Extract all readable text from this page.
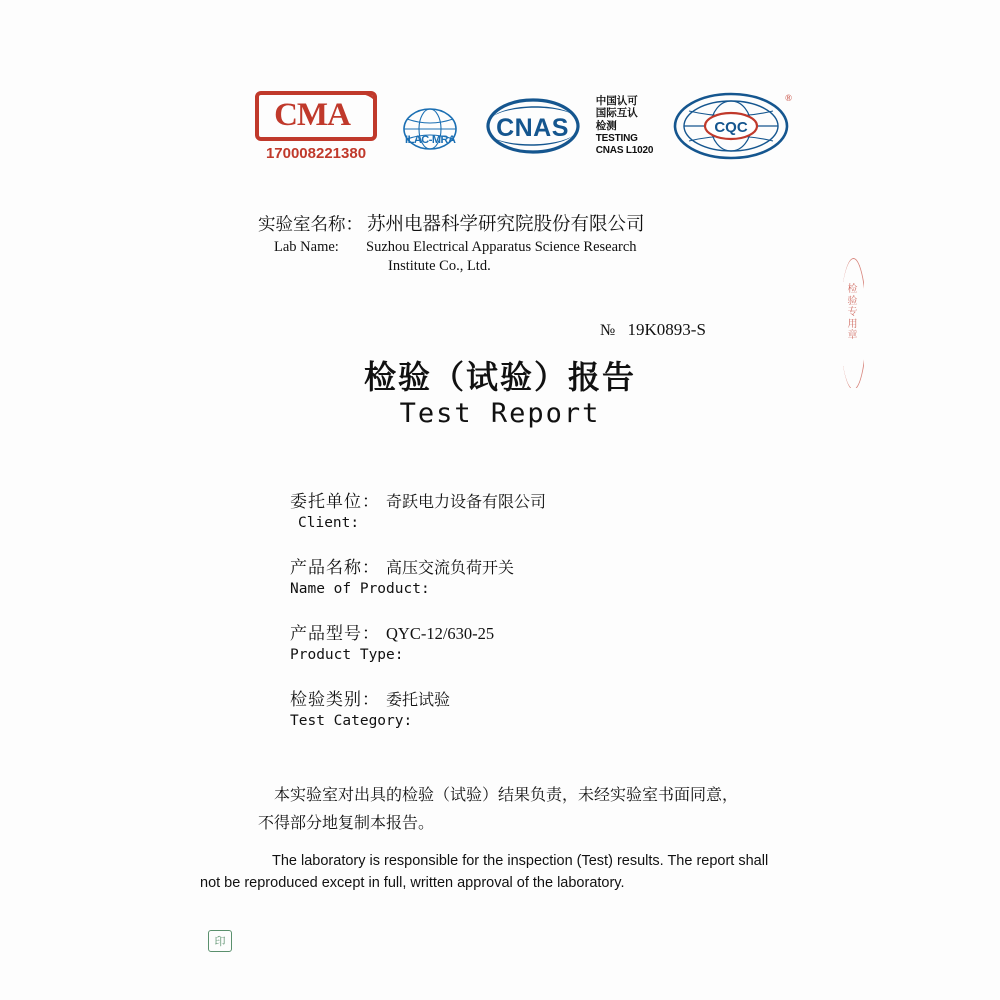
CMA
170008221380
ILAC-MRA	CNAS
中国认可
国际互认
检测
TESTING
CNAS L1020
CQC
®
实验室名称： 苏州电器科学研究院股份有限公司
Lab Name:	Suzhou Electrical Apparatus Science Research
Institute Co., Ltd.
№ 19K0893-S
检验（试验）报告
Test Report
委托单位： 奇跃电力设备有限公司
Client:
产品名称： 高压交流负荷开关
Name of Product:
产品型号： QYC-12/630-25
Product Type:
检验类别： 委托试验
Test Category:
本实验室对出具的检验（试验）结果负责，未经实验室书面同意，
不得部分地复制本报告。
The laboratory is responsible for the inspection (Test) results. The report shall
not be reproduced except in full, written approval of the laboratory.
检验专用章
印
